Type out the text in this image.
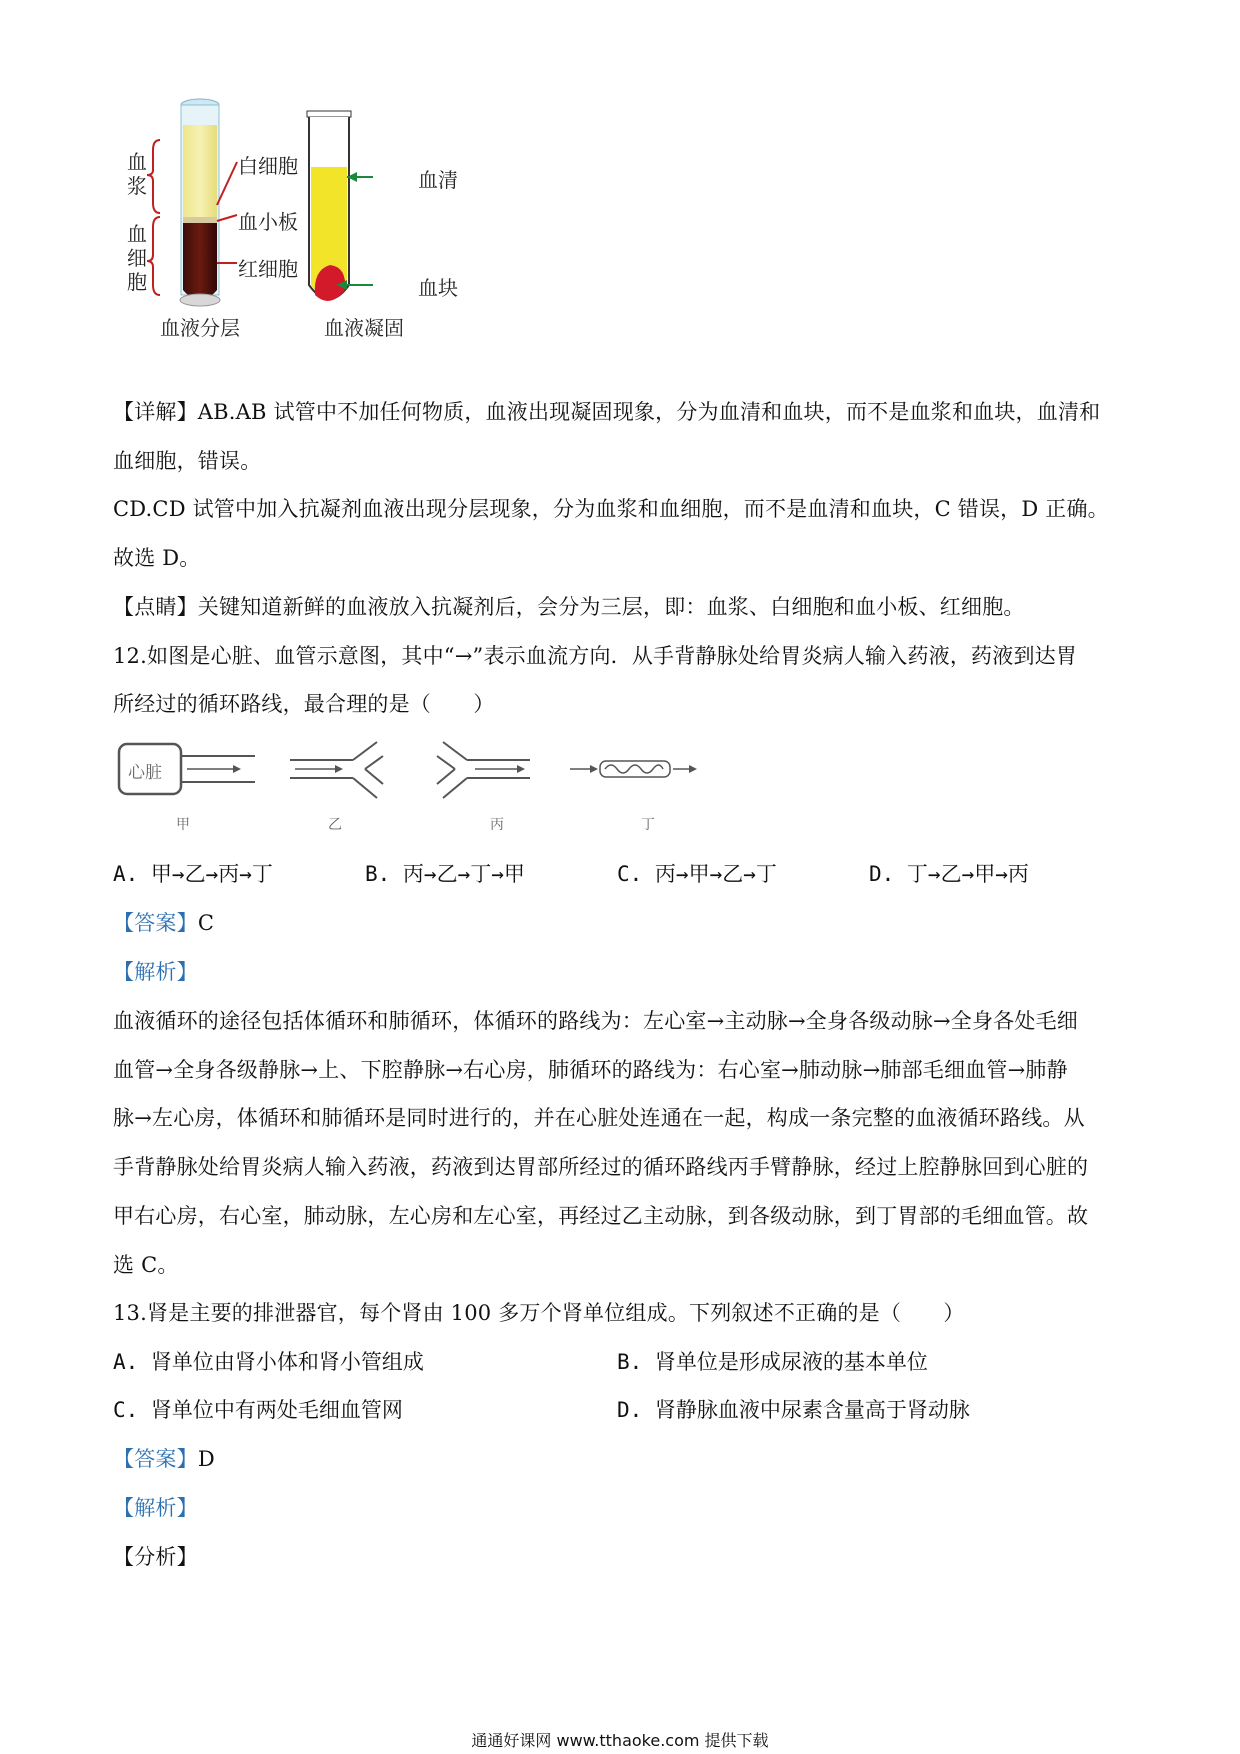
血浆
血细胞
白细胞
血小板
红细胞
血液分层
血清
血块
血液凝固
【详解】AB.AB 试管中不加任何物质，血液出现凝固现象，分为血清和血块，而不是血浆和血块，血清和
血细胞，错误。
CD.CD 试管中加入抗凝剂血液出现分层现象，分为血浆和血细胞，而不是血清和血块，C 错误，D 正确。
故选 D。
【点睛】关键知道新鲜的血液放入抗凝剂后，会分为三层，即：血浆、白细胞和血小板、红细胞。
12.如图是心脏、血管示意图，其中“→”表示血流方向．从手背静脉处给胃炎病人输入药液，药液到达胃
所经过的循环路线，最合理的是（　　）
心脏
甲	乙	丙	丁
A. 甲→乙→丙→丁	B. 丙→乙→丁→甲	C. 丙→甲→乙→丁	D. 丁→乙→甲→丙
【答案】C
【解析】
血液循环的途径包括体循环和肺循环，体循环的路线为：左心室→主动脉→全身各级动脉→全身各处毛细
血管→全身各级静脉→上、下腔静脉→右心房，肺循环的路线为：右心室→肺动脉→肺部毛细血管→肺静
脉→左心房，体循环和肺循环是同时进行的，并在心脏处连通在一起，构成一条完整的血液循环路线。从
手背静脉处给胃炎病人输入药液，药液到达胃部所经过的循环路线丙手臂静脉，经过上腔静脉回到心脏的
甲右心房，右心室，肺动脉，左心房和左心室，再经过乙主动脉，到各级动脉，到丁胃部的毛细血管。故
选 C。
13.肾是主要的排泄器官，每个肾由 100 多万个肾单位组成。下列叙述不正确的是（　　）
A. 肾单位由肾小体和肾小管组成	B. 肾单位是形成尿液的基本单位
C. 肾单位中有两处毛细血管网	D. 肾静脉血液中尿素含量高于肾动脉
【答案】D
【解析】
【分析】
通通好课网 www.tthaoke.com 提供下载
